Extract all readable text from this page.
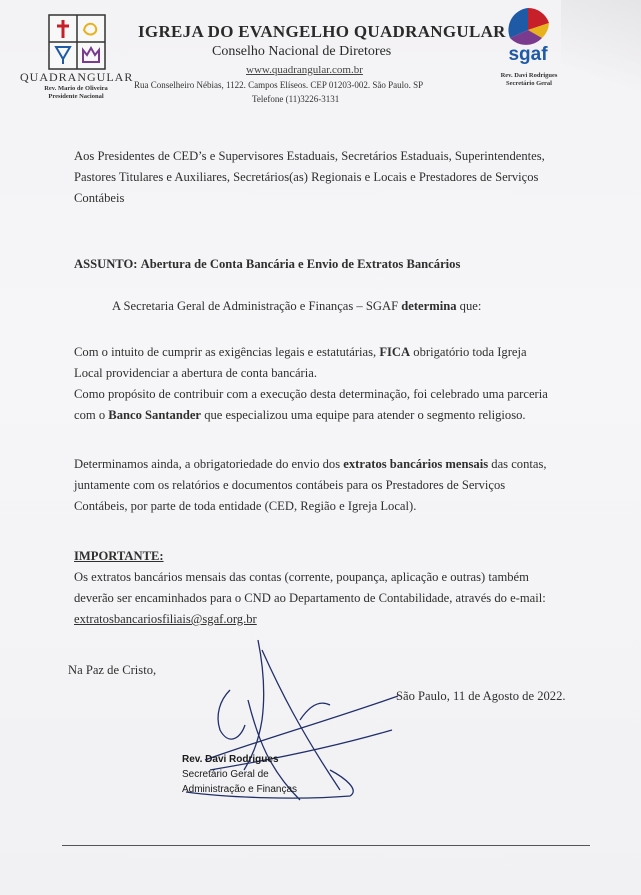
QUADRANGULAR
Rev. Mario de Oliveira
Presidente Nacional
IGREJA DO EVANGELHO QUADRANGULAR
Conselho Nacional de Diretores
www.quadrangular.com.br
Rua Conselheiro Nébias, 1122. Campos Elíseos. CEP 01203-002. São Paulo. SP
Telefone (11)3226-3131
sgaf
Rev. Davi Rodrigues
Secretário Geral
Aos Presidentes de CED’s e Supervisores Estaduais, Secretários Estaduais, Superintendentes,
Pastores Titulares e Auxiliares, Secretários(as) Regionais e Locais e Prestadores de Serviços
Contábeis
ASSUNTO: Abertura de Conta Bancária e Envio de Extratos Bancários
A Secretaria Geral de Administração e Finanças – SGAF determina que:
Com o intuito de cumprir as exigências legais e estatutárias, FICA obrigatório toda Igreja
Local providenciar a abertura de conta bancária.
Como propósito de contribuir com a execução desta determinação, foi celebrado uma parceria
com o Banco Santander que especializou uma equipe para atender o segmento religioso.
Determinamos ainda, a obrigatoriedade do envio dos extratos bancários mensais das contas,
juntamente com os relatórios e documentos contábeis para os Prestadores de Serviços
Contábeis, por parte de toda entidade (CED, Região e Igreja Local).
IMPORTANTE:
Os extratos bancários mensais das contas (corrente, poupança, aplicação e outras) também
deverão ser encaminhados para o CND ao Departamento de Contabilidade, através do e-mail:
extratosbancariosfiliais@sgaf.org.br
Na Paz de Cristo,
São Paulo, 11 de Agosto de 2022.
Rev. Davi Rodrigues
Secretário Geral de
Administração e Finanças
